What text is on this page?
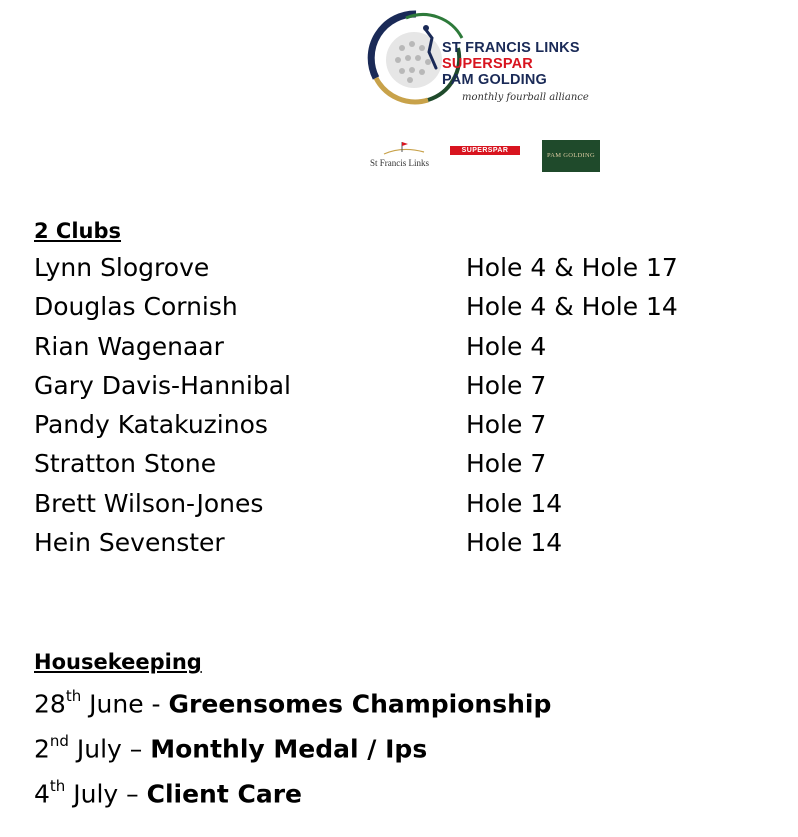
ST FRANCIS LINKS
SUPERSPAR
PAM GOLDING
monthly fourball alliance
St Francis Links
SUPERSPAR
PAM GOLDING
2 Clubs
Lynn Slogrove	Hole 4 & Hole 17
Douglas Cornish	Hole 4 & Hole 14
Rian Wagenaar	Hole 4
Gary Davis-Hannibal	Hole 7
Pandy Katakuzinos	Hole 7
Stratton Stone	Hole 7
Brett Wilson-Jones	Hole 14
Hein Sevenster	Hole 14
Housekeeping
28th June - Greensomes Championship
2nd July – Monthly Medal / Ips
4th July – Client Care
